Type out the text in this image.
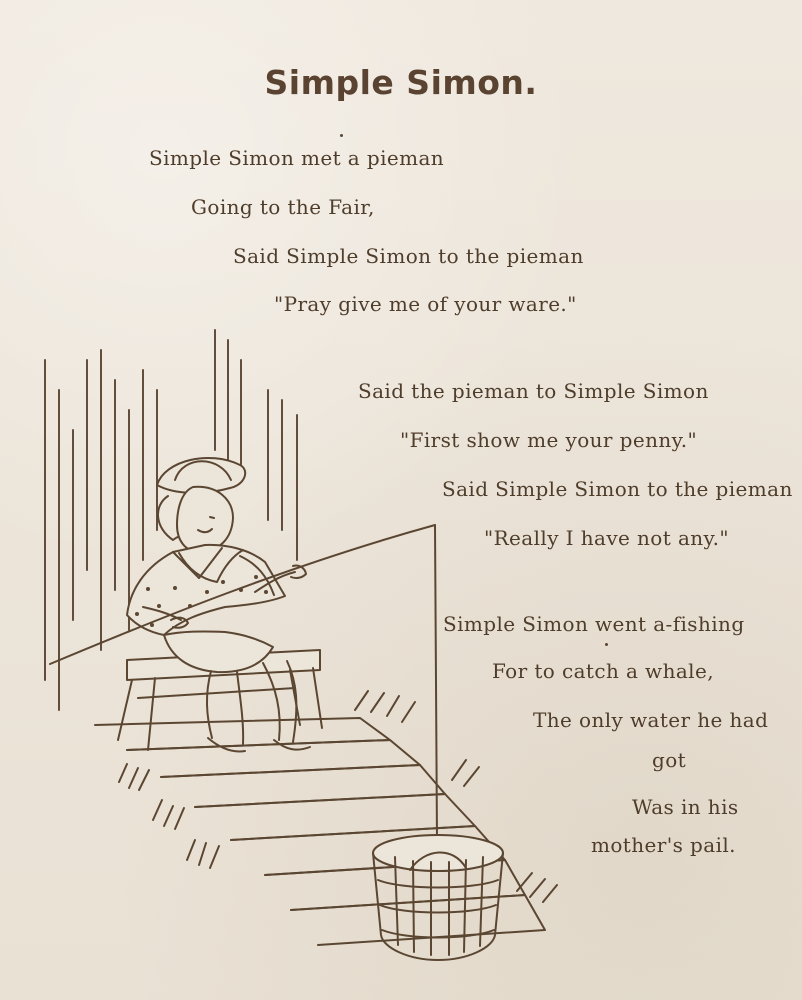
Simple Simon.
Simple Simon met a pieman
Going to the Fair,
Said Simple Simon to the pieman
"Pray give me of your ware."
Said the pieman to Simple Simon
"First show me your penny."
Said Simple Simon to the pieman
"Really I have not any."
Simple Simon went a-fishing
For to catch a whale,
The only water he had
got
Was in his
mother's pail.
